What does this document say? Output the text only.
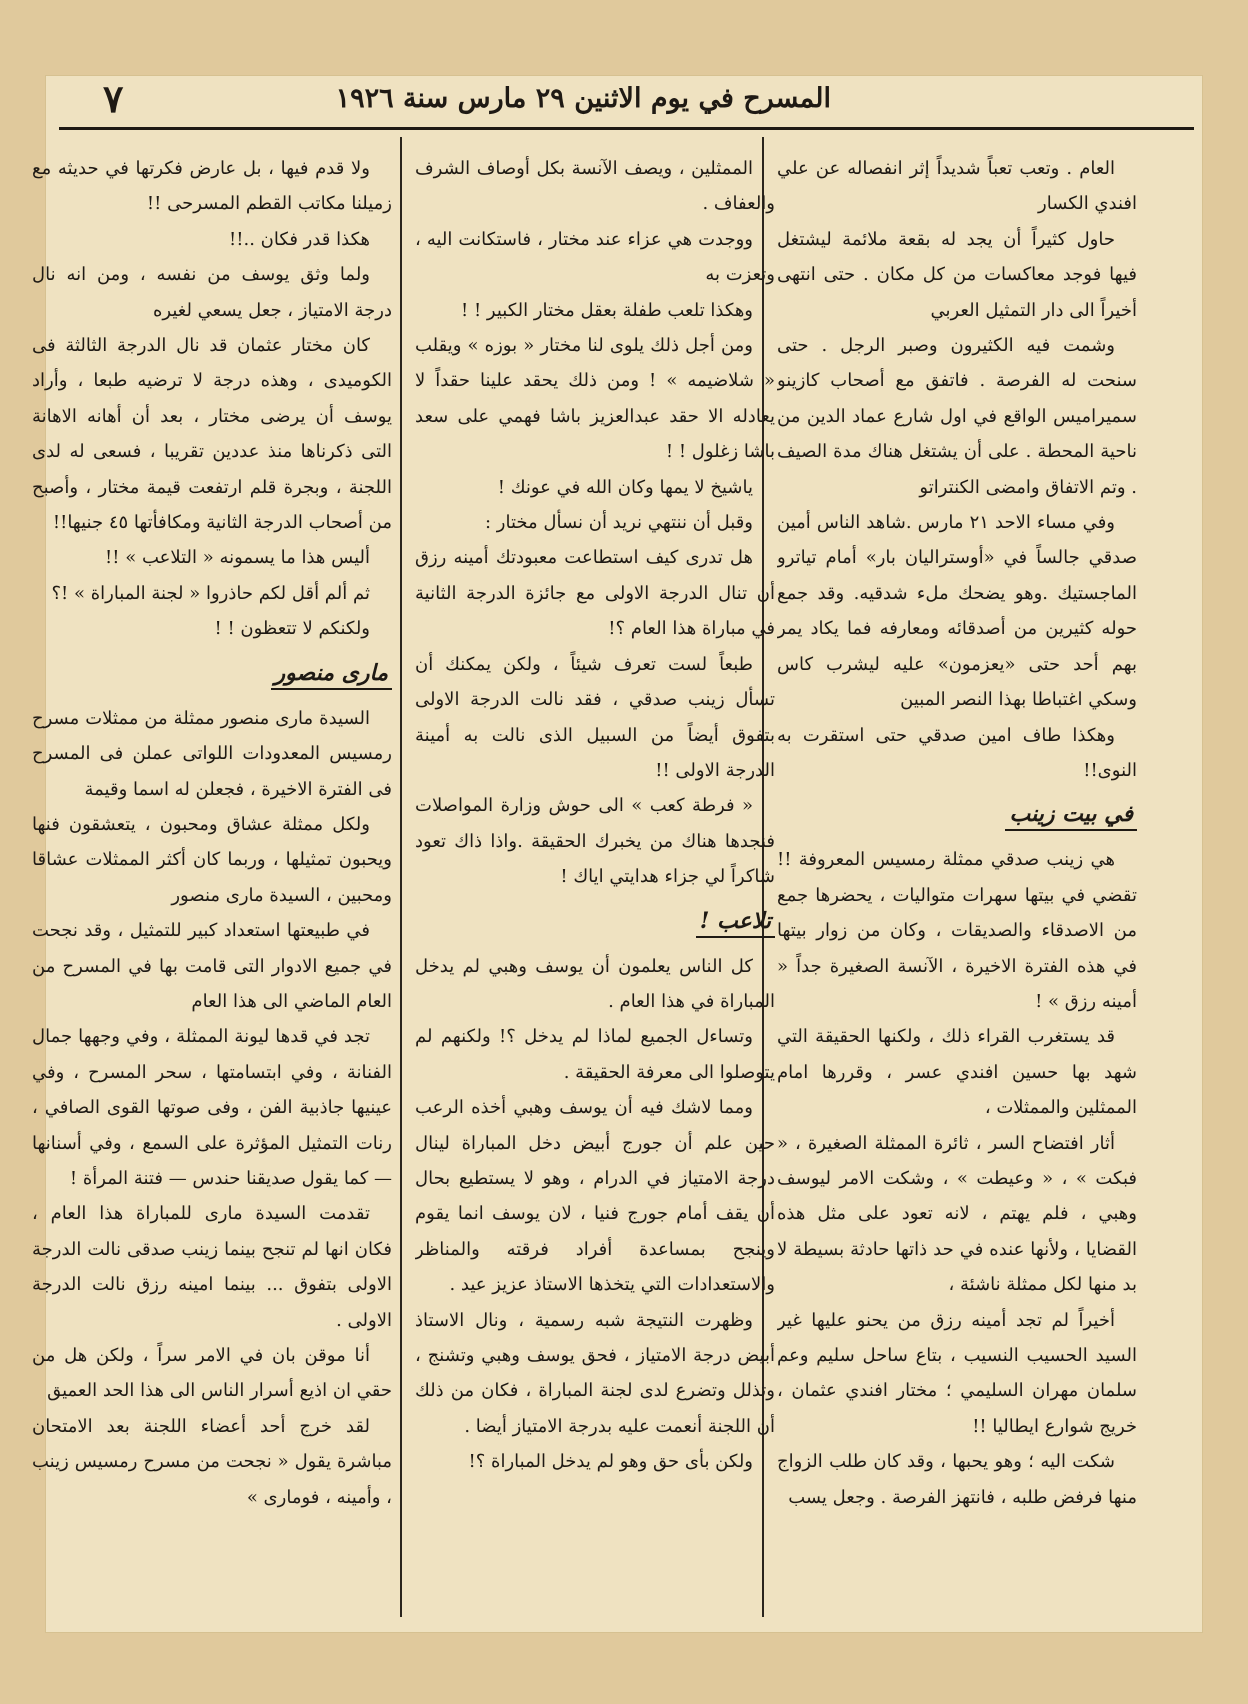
٧	المسرح في يوم الاثنين ٢٩ مارس سنة ١٩٢٦

ولا قدم فيها ، بل عارض فكرتها في حديثه مع زميلنا مكاتب القطم المسرحى !!

هكذا قدر فكان ..!!

ولما وثق يوسف من نفسه ، ومن انه نال درجة الامتياز ، جعل يسعي لغيره

كان مختار عثمان قد نال الدرجة الثالثة فى الكوميدى ، وهذه درجة لا ترضيه طبعا ، وأراد يوسف أن يرضى مختار ، بعد أن أهانه الاهانة التى ذكرناها منذ عددين تقريبا ، فسعى له لدى اللجنة ، وبجرة قلم ارتفعت قيمة مختار ، وأصبح من أصحاب الدرجة الثانية ومكافأتها ٤٥ جنيها!!

أليس هذا ما يسمونه « التلاعب » !!

ثم ألم أقل لكم حاذروا « لجنة المباراة » !؟

ولكنكم لا تتعظون ! !

مارى منصور

السيدة مارى منصور ممثلة من ممثلات مسرح رمسيس المعدودات اللواتى عملن فى المسرح فى الفترة الاخيرة ، فجعلن له اسما وقيمة

ولكل ممثلة عشاق ومحبون ، يتعشقون فنها ويحبون تمثيلها ، وربما كان أكثر الممثلات عشاقا ومحبين ، السيدة مارى منصور

في طبيعتها استعداد كبير للتمثيل ، وقد نجحت في جميع الادوار التى قامت بها في المسرح من العام الماضي الى هذا العام

تجد في قدها ليونة الممثلة ، وفي وجهها جمال الفنانة ، وفي ابتسامتها ، سحر المسرح ، وفي عينيها جاذبية الفن ، وفى صوتها القوى الصافي ، رنات التمثيل المؤثرة على السمع ، وفي أسنانها — كما يقول صديقنا حندس — فتنة المرأة !

تقدمت السيدة مارى للمباراة هذا العام ، فكان انها لم تنجح بينما زينب صدقى نالت الدرجة الاولى بتفوق ... بينما امينه رزق نالت الدرجة الاولى .

أنا موقن بان في الامر سراً ، ولكن هل من حقي ان اذيع أسرار الناس الى هذا الحد العميق

لقد خرج أحد أعضاء اللجنة بعد الامتحان مباشرة يقول « نجحت من مسرح رمسيس زينب ، وأمينه ، فومارى »

الممثلين ، ويصف الآنسة بكل أوصاف الشرف والعفاف .

ووجدت هي عزاء عند مختار ، فاستكانت اليه ، وتعزت به

وهكذا تلعب طفلة بعقل مختار الكبير ! !

ومن أجل ذلك يلوى لنا مختار « بوزه » ويقلب « شلاضيمه » ! ومن ذلك يحقد علينا حقداً لا يعادله الا حقد عبدالعزيز باشا فهمي على سعد باشا زغلول ! !

ياشيخ لا يمها وكان الله في عونك !

وقبل أن ننتهي نريد أن نسأل مختار :

هل تدرى كيف استطاعت معبودتك أمينه رزق أن تنال الدرجة الاولى مع جائزة الدرجة الثانية في مباراة هذا العام ؟!

طبعاً لست تعرف شيئاً ، ولكن يمكنك أن تسأل زينب صدقي ، فقد نالت الدرجة الاولى بتفوق أيضاً من السبيل الذى نالت به أمينة الدرجة الاولى !!

« فرطة كعب » الى حوش وزارة المواصلات فنجدها هناك من يخبرك الحقيقة .واذا ذاك تعود شاكراً لي جزاء هدايتي اياك !

تلاعب !

كل الناس يعلمون أن يوسف وهبي لم يدخل المباراة في هذا العام .

وتساءل الجميع لماذا لم يدخل ؟! ولكنهم لم يتوصلوا الى معرفة الحقيقة .

ومما لاشك فيه أن يوسف وهبي أخذه الرعب حين علم أن جورج أبيض دخل المباراة لينال درجة الامتياز في الدرام ، وهو لا يستطيع بحال أن يقف أمام جورج فنيا ، لان يوسف انما يقوم وينجح بمساعدة أفراد فرقته والمناظر والاستعدادات التي يتخذها الاستاذ عزيز عيد .

وظهرت النتيجة شبه رسمية ، ونال الاستاذ أبيض درجة الامتياز ، فحق يوسف وهبي وتشنج ، وتذلل وتضرع لدى لجنة المباراة ، فكان من ذلك أن اللجنة أنعمت عليه بدرجة الامتياز أيضا .

ولكن بأى حق وهو لم يدخل المباراة ؟!

العام . وتعب تعباً شديداً إثر انفصاله عن علي افندي الكسار

حاول كثيراً أن يجد له بقعة ملائمة ليشتغل فيها فوجد معاكسات من كل مكان . حتى انتهى أخيراً الى دار التمثيل العربي

وشمت فيه الكثيرون وصبر الرجل . حتى سنحت له الفرصة . فاتفق مع أصحاب كازينو سميراميس الواقع في اول شارع عماد الدين من ناحية المحطة . على أن يشتغل هناك مدة الصيف . وتم الاتفاق وامضى الكنتراتو

وفي مساء الاحد ٢١ مارس .شاهد الناس أمين صدقي جالساً في «أوستراليان بار» أمام تياترو الماجستيك .وهو يضحك ملء شدقيه. وقد جمع حوله كثيرين من أصدقائه ومعارفه فما يكاد يمر بهم أحد حتى «يعزمون» عليه ليشرب كاس وسكي اغتباطا بهذا النصر المبين

وهكذا طاف امين صدقي حتى استقرت به النوى!!

في بيت زينب

هي زينب صدقي ممثلة رمسيس المعروفة !! تقضي في بيتها سهرات متواليات ، يحضرها جمع من الاصدقاء والصديقات ، وكان من زوار بيتها في هذه الفترة الاخيرة ، الآنسة الصغيرة جداً « أمينه رزق » !

قد يستغرب القراء ذلك ، ولكنها الحقيقة التي شهد بها حسين افندي عسر ، وقررها امام الممثلين والممثلات ،

أثار افتضاح السر ، ثائرة الممثلة الصغيرة ، « فبكت » ، « وعيطت » ، وشكت الامر ليوسف وهبي ، فلم يهتم ، لانه تعود على مثل هذه القضايا ، ولأنها عنده في حد ذاتها حادثة بسيطة لا بد منها لكل ممثلة ناشئة ،

أخيراً لم تجد أمينه رزق من يحنو عليها غير السيد الحسيب النسيب ، بتاع ساحل سليم وعم سلمان مهران السليمي ؛ مختار افندي عثمان ، خريج شوارع ايطاليا !!

شكت اليه ؛ وهو يحبها ، وقد كان طلب الزواج منها فرفض طلبه ، فانتهز الفرصة . وجعل يسب
